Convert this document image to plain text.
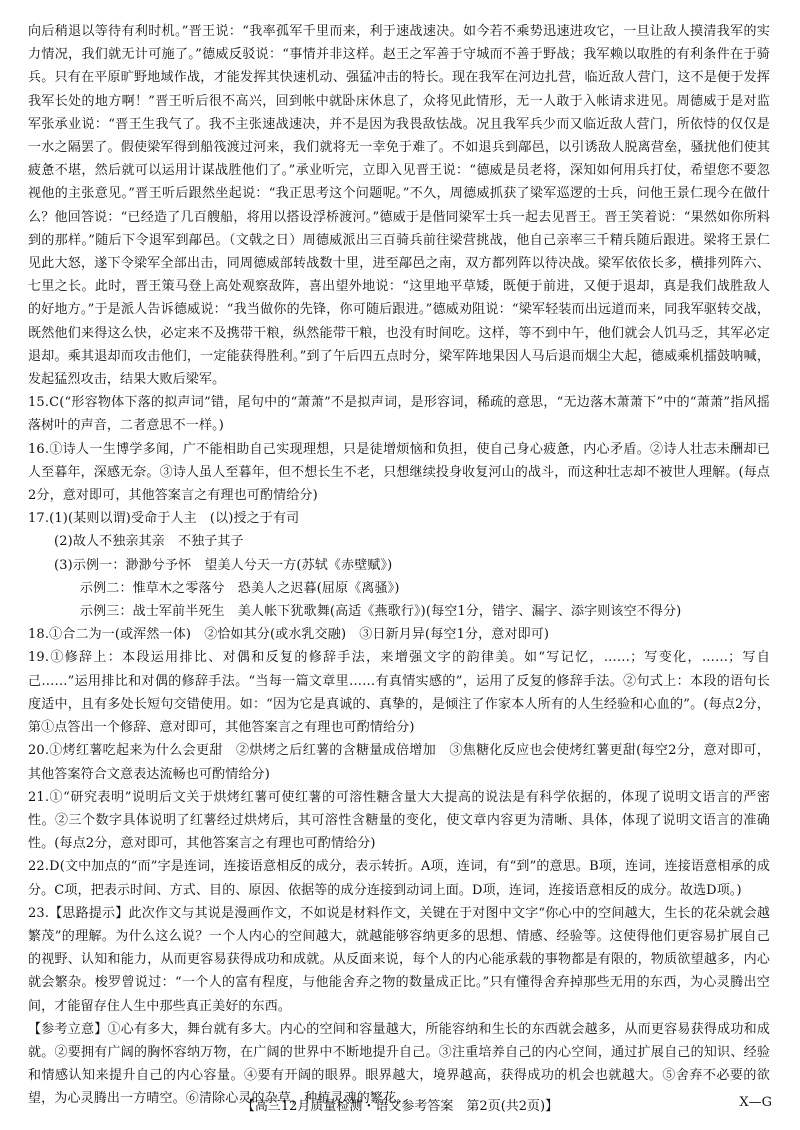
向后稍退以等待有利时机。”晋王说：“我率孤军千里而来，利于速战速决。如今若不乘势迅速进攻它，一旦让敌人摸清我军的实力情况，我们就无计可施了。”德威反驳说：“事情并非这样。赵王之军善于守城而不善于野战；我军赖以取胜的有利条件在于骑兵。只有在平原旷野地域作战，才能发挥其快速机动、强猛冲击的特长。现在我军在河边扎营，临近敌人营门，这不是便于发挥我军长处的地方啊！”晋王听后很不高兴，回到帐中就卧床休息了，众将见此情形，无一人敢于入帐请求进见。周德威于是对监军张承业说：“晋王生我气了。我不主张速战速决，并不是因为我畏敌怯战。况且我军兵少而又临近敌人营门，所依恃的仅仅是一水之隔罢了。假使梁军得到船筏渡过河来，我们就将无一幸免于难了。不如退兵到鄗邑，以引诱敌人脱离营垒，骚扰他们使其疲惫不堪，然后就可以运用计谋战胜他们了。”承业听完，立即入见晋王说：“德威是员老将，深知如何用兵打仗，希望您不要忽视他的主张意见。”晋王听后跟然坐起说：“我正思考这个问题呢。”不久，周德威抓获了梁军巡逻的士兵，问他王景仁现今在做什么？他回答说：“已经造了几百艘船，将用以搭设浮桥渡河。”德威于是偕同梁军士兵一起去见晋王。晋王笑着说：“果然如你所料到的那样。”随后下令退军到鄗邑。（文戟之日）周德威派出三百骑兵前往梁营挑战，他自己亲率三千精兵随后跟进。梁将王景仁见此大怒，遂下令梁军全部出击，同周德威部转战数十里，进至鄗邑之南，双方都列阵以待决战。梁军依依长多，横排列阵六、七里之长。此时，晋王策马登上高处观察敌阵，喜出望外地说：“这里地平草矮，既便于前进，又便于退却，真是我们战胜敌人的好地方。”于是派人告诉德威说：“我当做你的先锋，你可随后跟进。”德威劝阻说：“梁军轻装而出远道而来，同我军驱转交战，既然他们来得这么快，必定来不及携带干粮，纵然能带干粮，也没有时间吃。这样，等不到中午，他们就会人饥马乏，其军必定退却。乘其退却而攻击他们，一定能获得胜利。”到了午后四五点时分，梁军阵地果因人马后退而烟尘大起，德威乘机擂鼓呐喊，发起猛烈攻击，结果大败后梁军。

15.C(“形容物体下落的拟声词”错，尾句中的“萧萧”不是拟声词，是形容词，稀疏的意思，“无边落木萧萧下”中的“萧萧”指风摇落树叶的声音，二者意思不一样。)

16.①诗人一生博学多闻，广不能相助自己实现理想，只是徒增烦恼和负担，使自己身心疲惫，内心矛盾。②诗人壮志未酬却已人至暮年，深感无奈。③诗人虽人至暮年，但不想长生不老，只想继续投身收复河山的战斗，而这种壮志却不被世人理解。(每点2分，意对即可，其他答案言之有理也可酌情给分)

17.(1)(某则以谓)受命于人主　(以)授之于有司

(2)故人不独亲其亲　不独子其子

(3)示例一：渺渺兮予怀　望美人兮天一方(苏轼《赤壁赋》)

示例二：惟草木之零落兮　恐美人之迟暮(屈原《离骚》)

示例三：战士军前半死生　美人帐下犹歌舞(高适《燕歌行》)(每空1分，错字、漏字、添字则该空不得分)

18.①合二为一(或浑然一体)　②恰如其分(或水乳交融)　③日新月异(每空1分，意对即可)

19.①修辞上：本段运用排比、对偶和反复的修辞手法，来增强文字的韵律美。如“写记忆，……；写变化，……；写自己……”运用排比和对偶的修辞手法。“当每一篇文章里……有真情实感的”，运用了反复的修辞手法。②句式上：本段的语句长度适中，且有多处长短句交错使用。如：“因为它是真诚的、真挚的，是倾注了作家本人所有的人生经验和心血的”。(每点2分，第①点答出一个修辞、意对即可，其他答案言之有理也可酌情给分)

20.①烤红薯吃起来为什么会更甜　②烘烤之后红薯的含糖量成倍增加　③焦糖化反应也会使烤红薯更甜(每空2分，意对即可，其他答案符合文意表达流畅也可酌情给分)

21.①“研究表明”说明后文关于烘烤红薯可使红薯的可溶性糖含量大大提高的说法是有科学依据的，体现了说明文语言的严密性。②三个数字具体说明了红薯经过烘烤后，其可溶性含糖量的变化，使文章内容更为清晰、具体，体现了说明文语言的准确性。(每点2分，意对即可，其他答案言之有理也可酌情给分)

22.D(文中加点的“而”字是连词，连接语意相反的成分，表示转折。A项，连词，有“到”的意思。B项，连词，连接语意相承的成分。C项，把表示时间、方式、目的、原因、依据等的成分连接到动词上面。D项，连词，连接语意相反的成分。故选D项。)

23.【思路提示】此次作文与其说是漫画作文，不如说是材料作文，关键在于对图中文字“你心中的空间越大，生长的花朵就会越繁茂”的理解。为什么这么说？一个人内心的空间越大，就越能够容纳更多的思想、情感、经验等。这使得他们更容易扩展自己的视野、认知和能力，从而更容易获得成功和成就。从反面来说，每个人的内心能承载的事物都是有限的，物质欲望越多，内心就会繁杂。梭罗曾说过：“一个人的富有程度，与他能舍弃之物的数量成正比。”只有懂得舍弃掉那些无用的东西，为心灵腾出空间，才能留存住人生中那些真正美好的东西。

【参考立意】①心有多大，舞台就有多大。内心的空间和容量越大，所能容纳和生长的东西就会越多，从而更容易获得成功和成就。②要拥有广阔的胸怀容纳万物，在广阔的世界中不断地提升自己。③注重培养自己的内心空间，通过扩展自己的知识、经验和情感认知来提升自己的内心容量。④要有开阔的眼界。眼界越大，境界越高，获得成功的机会也就越大。⑤舍弃不必要的欲望，为心灵腾出一方晴空。⑥清除心灵的杂草，种植灵魂的繁花。

【高三12月质量检测・语文参考答案　第2页(共2页)】	X—G
